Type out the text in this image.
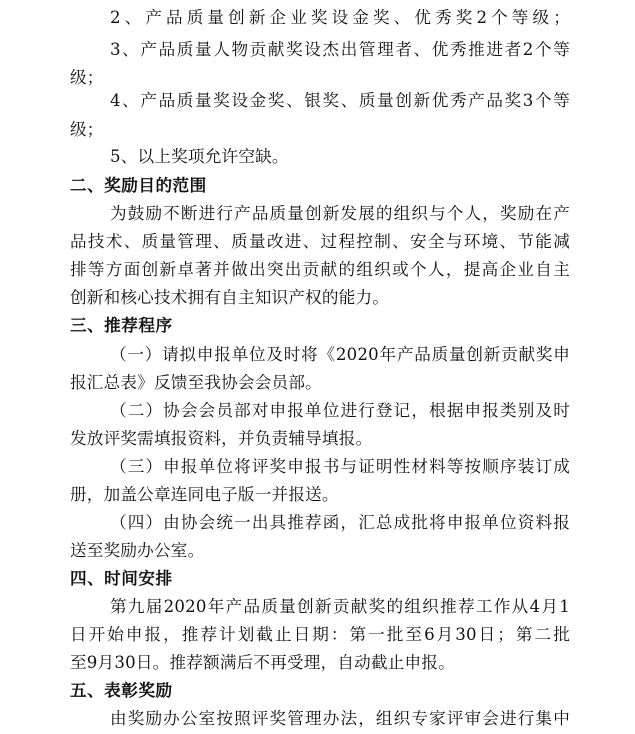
2、产品质量创新企业奖设金奖、优秀奖2个等级；
3、产品质量人物贡献奖设杰出管理者、优秀推进者2个等
级；
4、产品质量奖设金奖、银奖、质量创新优秀产品奖3个等
级；
5、以上奖项允许空缺。
二、奖励目的范围
为鼓励不断进行产品质量创新发展的组织与个人，奖励在产
品技术、质量管理、质量改进、过程控制、安全与环境、节能减
排等方面创新卓著并做出突出贡献的组织或个人，提高企业自主
创新和核心技术拥有自主知识产权的能力。
三、推荐程序
（一）请拟申报单位及时将《2020年产品质量创新贡献奖申
报汇总表》反馈至我协会会员部。
（二）协会会员部对申报单位进行登记，根据申报类别及时
发放评奖需填报资料，并负责辅导填报。
（三）申报单位将评奖申报书与证明性材料等按顺序装订成
册，加盖公章连同电子版一并报送。
（四）由协会统一出具推荐函，汇总成批将申报单位资料报
送至奖励办公室。
四、时间安排
第九届2020年产品质量创新贡献奖的组织推荐工作从4月1
日开始申报，推荐计划截止日期：第一批至6月30日；第二批
至9月30日。推荐额满后不再受理，自动截止申报。
五、表彰奖励
由奖励办公室按照评奖管理办法，组织专家评审会进行集中
